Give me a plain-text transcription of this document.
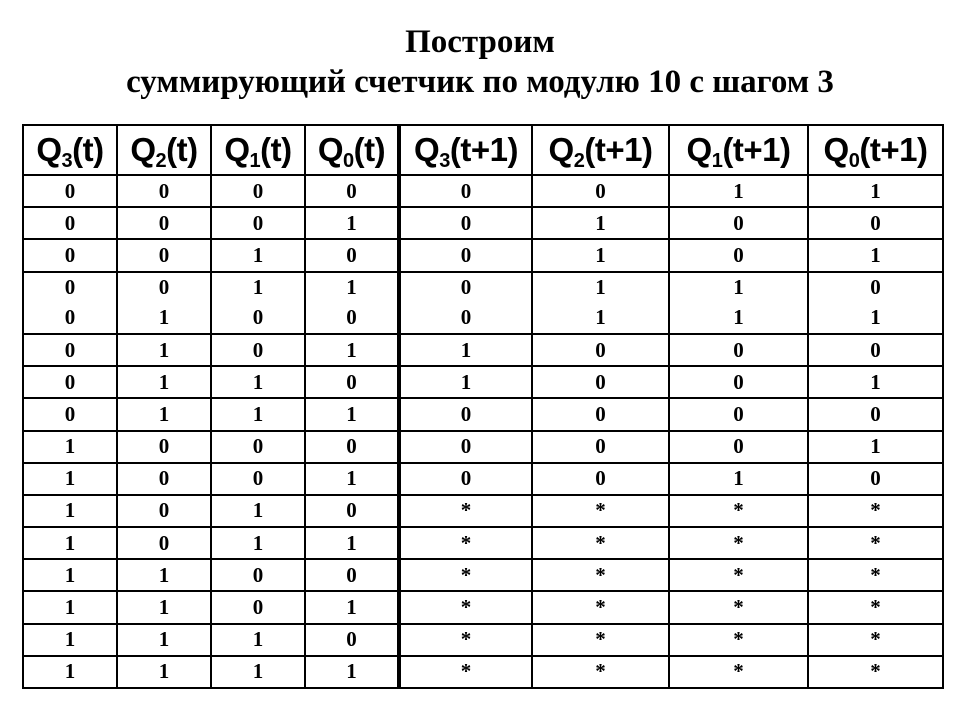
Построим
суммирующий счетчик по модулю 10 с шагом 3
$Q_3(t)$	$Q_2(t)$	$Q_1(t)$	$Q_0(t)$	$Q_3(t+1)$	$Q_2(t+1)$	$Q_1(t+1)$	$Q_0(t+1)$
0	0	0	0	0	0	1	1
0	0	0	1	0	1	0	0
0	0	1	0	0	1	0	1
0	0	1	1	0	1	1	0
0	1	0	0	0	1	1	1
0	1	0	1	1	0	0	0
0	1	1	0	1	0	0	1
0	1	1	1	0	0	0	0
1	0	0	0	0	0	0	1
1	0	0	1	0	0	1	0
1	0	1	0	*	*	*	*
1	0	1	1	*	*	*	*
1	1	0	0	*	*	*	*
1	1	0	1	*	*	*	*
1	1	1	0	*	*	*	*
1	1	1	1	*	*	*	*
